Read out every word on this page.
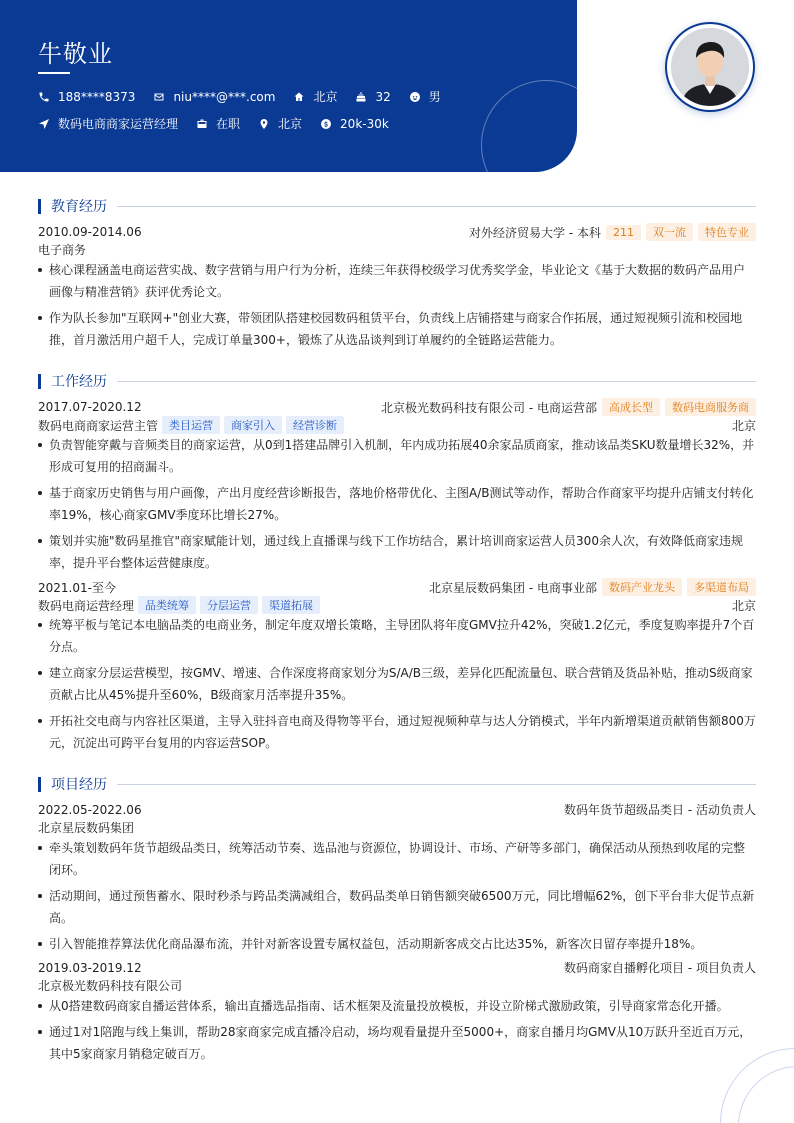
牛敬业
188****8373	niu****@***.com	北京	32	男
数码电商商家运营经理	在职	北京	20k-30k
教育经历
2010.09-2014.06	对外经济贸易大学 - 本科	211	双一流	特色专业
电子商务
核心课程涵盖电商运营实战、数字营销与用户行为分析，连续三年获得校级学习优秀奖学金，毕业论文《基于大数据的数码产品用户画像与精准营销》获评优秀论文。
作为队长参加"互联网+"创业大赛，带领团队搭建校园数码租赁平台，负责线上店铺搭建与商家合作拓展，通过短视频引流和校园地推，首月激活用户超千人，完成订单量300+，锻炼了从选品谈判到订单履约的全链路运营能力。
工作经历
2017.07-2020.12	北京极光数码科技有限公司 - 电商运营部	高成长型	数码电商服务商
数码电商商家运营主管	类目运营	商家引入	经营诊断	北京
负责智能穿戴与音频类目的商家运营，从0到1搭建品牌引入机制，年内成功拓展40余家品质商家，推动该品类SKU数量增长32%，并形成可复用的招商漏斗。
基于商家历史销售与用户画像，产出月度经营诊断报告，落地价格带优化、主图A/B测试等动作，帮助合作商家平均提升店铺支付转化率19%，核心商家GMV季度环比增长27%。
策划并实施"数码星推官"商家赋能计划，通过线上直播课与线下工作坊结合，累计培训商家运营人员300余人次，有效降低商家违规率，提升平台整体运营健康度。
2021.01-至今	北京星辰数码集团 - 电商事业部	数码产业龙头	多渠道布局
数码电商运营经理	品类统筹	分层运营	渠道拓展	北京
统筹平板与笔记本电脑品类的电商业务，制定年度双增长策略，主导团队将年度GMV拉升42%，突破1.2亿元，季度复购率提升7个百分点。
建立商家分层运营模型，按GMV、增速、合作深度将商家划分为S/A/B三级，差异化匹配流量包、联合营销及货品补贴，推动S级商家贡献占比从45%提升至60%，B级商家月活率提升35%。
开拓社交电商与内容社区渠道，主导入驻抖音电商及得物等平台，通过短视频种草与达人分销模式，半年内新增渠道贡献销售额800万元，沉淀出可跨平台复用的内容运营SOP。
项目经历
2022.05-2022.06	数码年货节超级品类日 - 活动负责人
北京星辰数码集团
牵头策划数码年货节超级品类日，统筹活动节奏、选品池与资源位，协调设计、市场、产研等多部门，确保活动从预热到收尾的完整闭环。
活动期间，通过预售蓄水、限时秒杀与跨品类满减组合，数码品类单日销售额突破6500万元，同比增幅62%，创下平台非大促节点新高。
引入智能推荐算法优化商品瀑布流，并针对新客设置专属权益包，活动期新客成交占比达35%，新客次日留存率提升18%。
2019.03-2019.12	数码商家自播孵化项目 - 项目负责人
北京极光数码科技有限公司
从0搭建数码商家自播运营体系，输出直播选品指南、话术框架及流量投放模板，并设立阶梯式激励政策，引导商家常态化开播。
通过1对1陪跑与线上集训，帮助28家商家完成直播冷启动，场均观看量提升至5000+，商家自播月均GMV从10万跃升至近百万元，其中5家商家月销稳定破百万。
